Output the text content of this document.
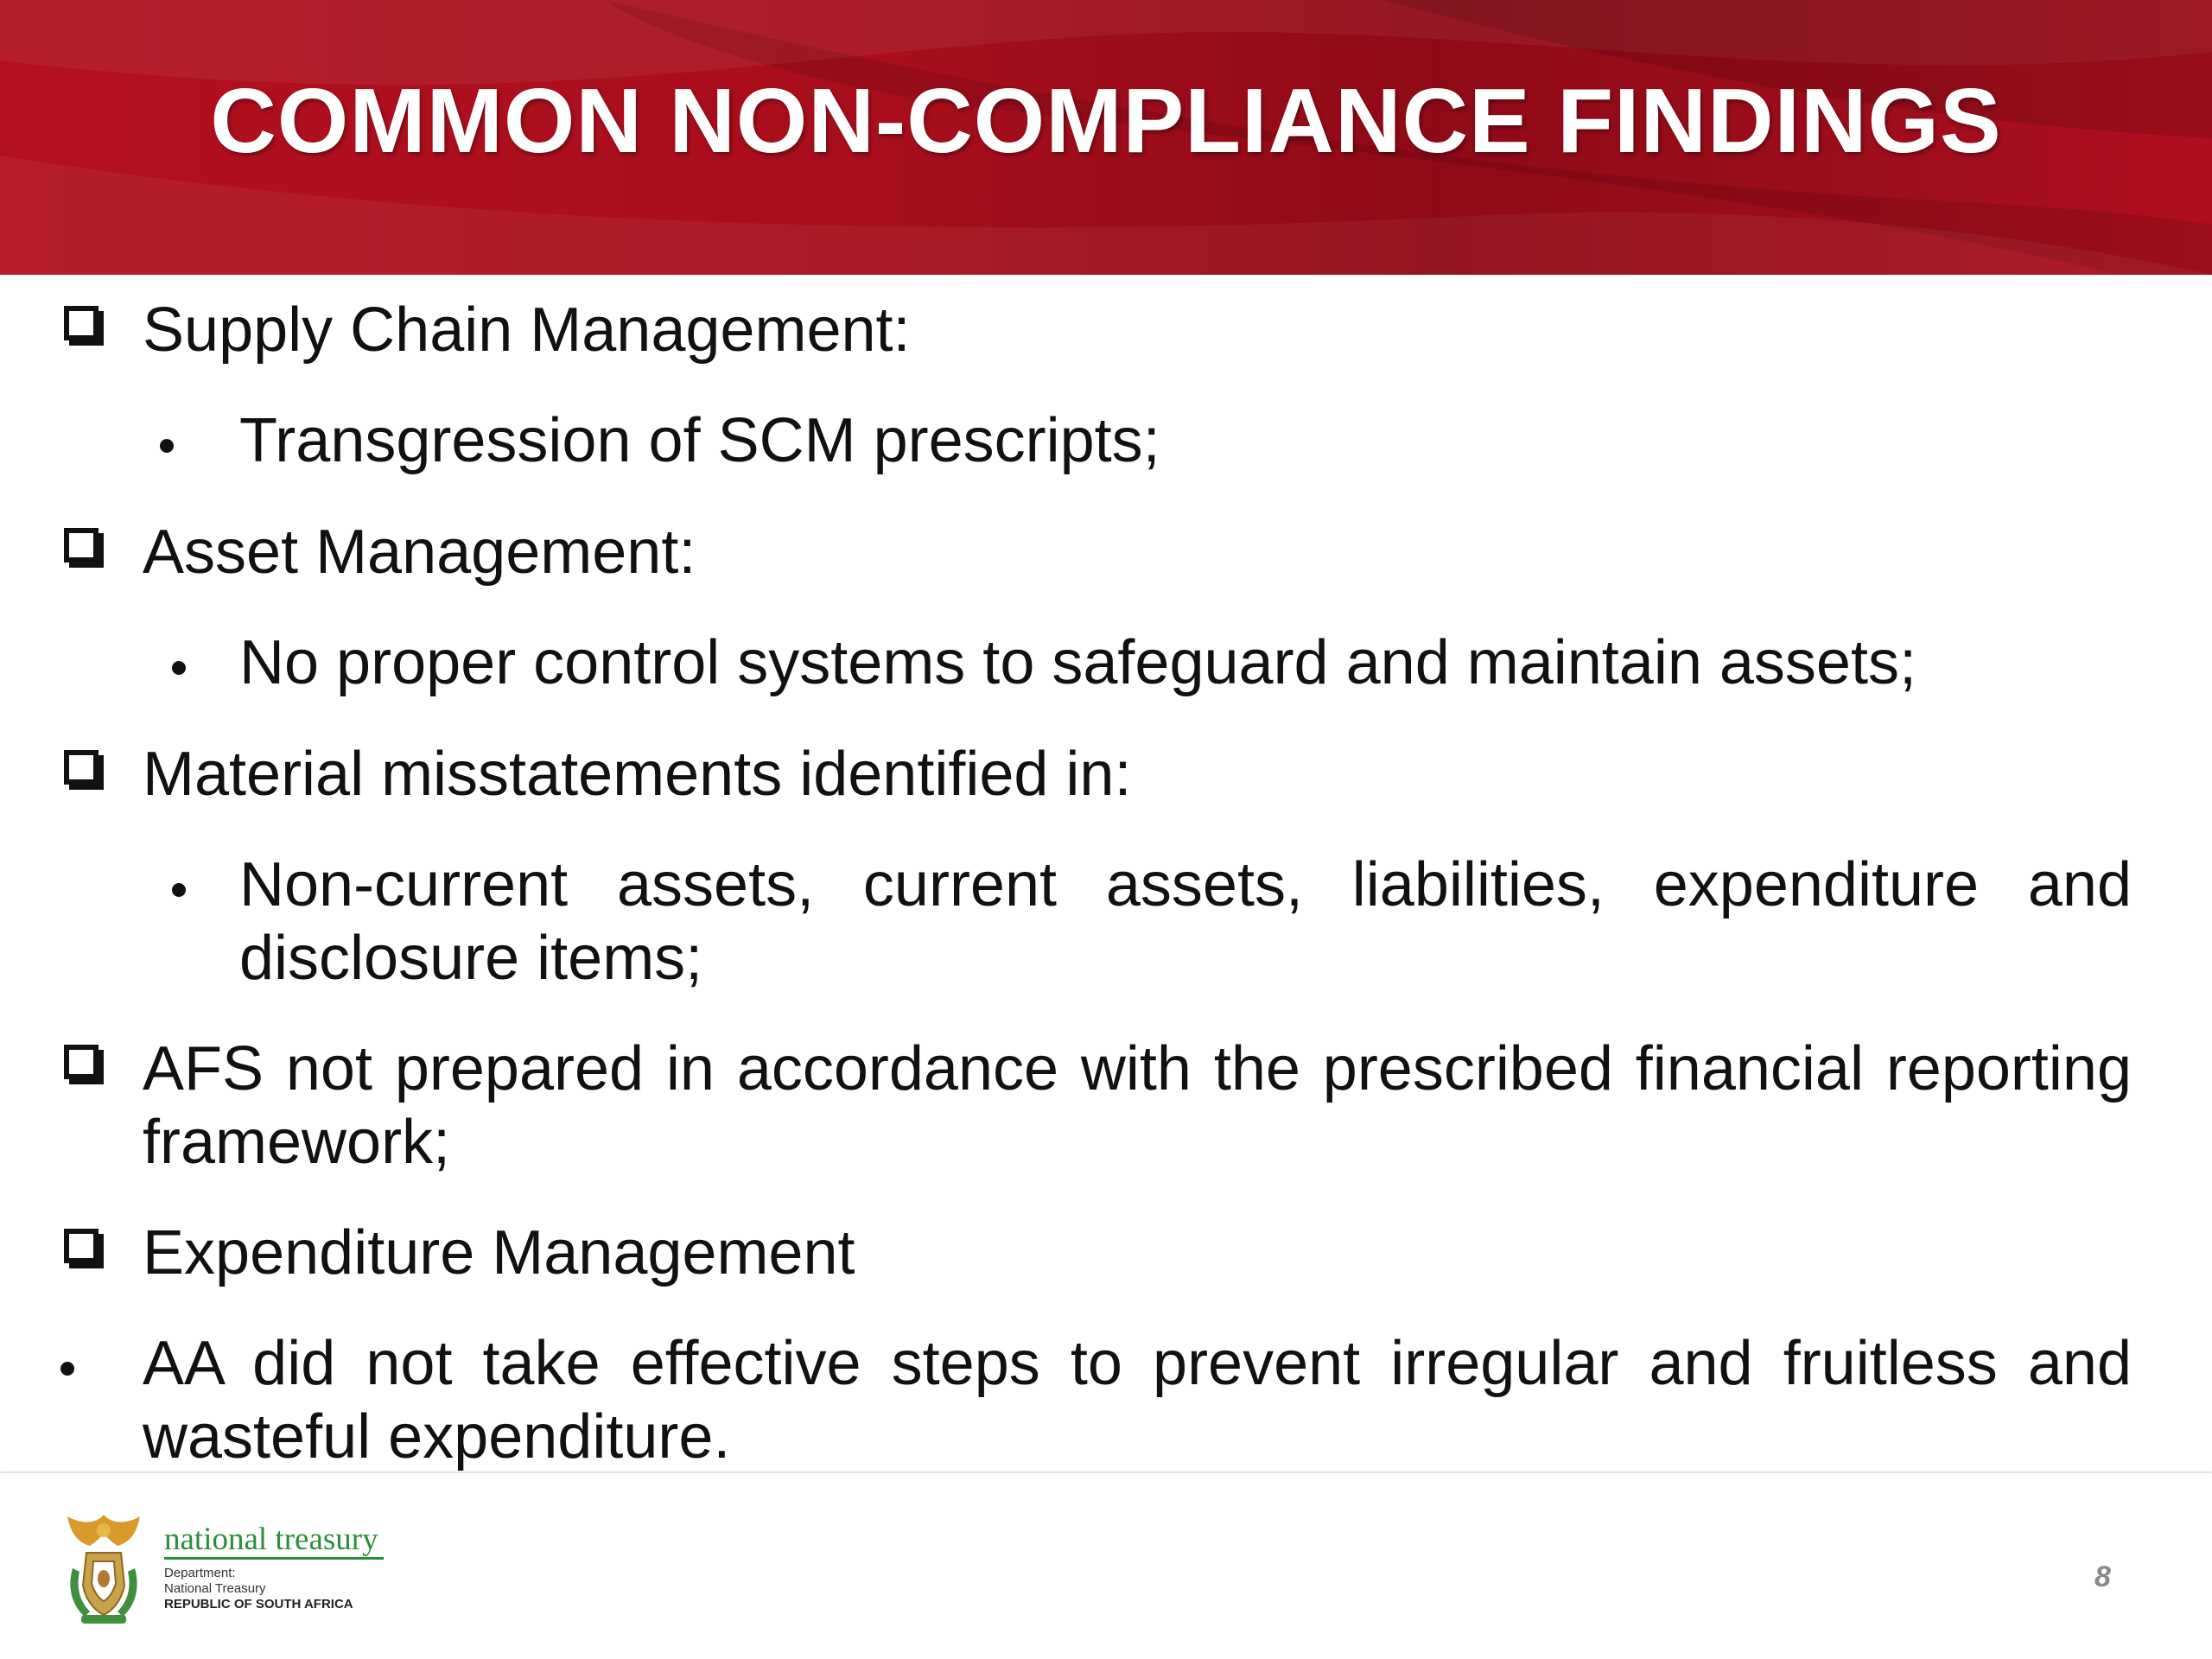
COMMON NON-COMPLIANCE FINDINGS
Supply Chain Management:
Transgression of SCM prescripts;
Asset Management:
No proper control systems to safeguard and maintain assets;
Material misstatements identified in:
Non-current assets, current assets, liabilities, expenditure and disclosure items;
AFS not prepared in accordance with the prescribed financial reporting framework;
Expenditure Management
AA did not take effective steps to prevent irregular and fruitless and wasteful expenditure.
national treasury
Department:
National Treasury
REPUBLIC OF SOUTH AFRICA
8
